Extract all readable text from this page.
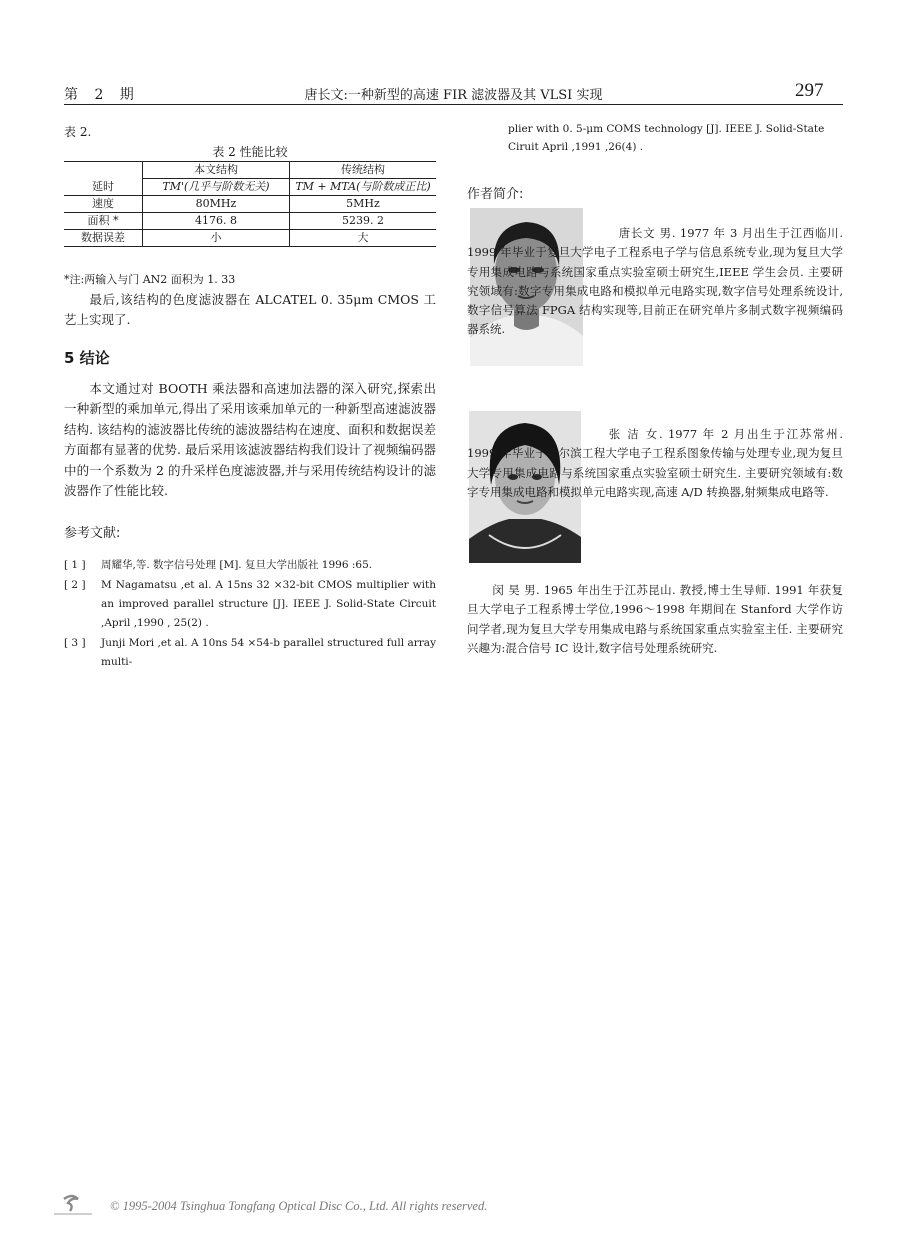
第 2 期	唐长文:一种新型的高速 FIR 滤波器及其 VLSI 实现	297
表 2.
表 2 性能比较
	本文结构	传统结构
延时	TM'(几乎与阶数无关)	TM + MTA(与阶数成正比)
速度	80MHz	5MHz
面积 *	4176. 8	5239. 2
数据误差	小	大
*注:两输入与门 AN2 面积为 1. 33
最后,该结构的色度滤波器在 ALCATEL 0. 35μm CMOS 工艺上实现了.
5 结论
本文通过对 BOOTH 乘法器和高速加法器的深入研究,探索出一种新型的乘加单元,得出了采用该乘加单元的一种新型高速滤波器结构. 该结构的滤波器比传统的滤波器结构在速度、面积和数据误差方面都有显著的优势. 最后采用该滤波器结构我们设计了视频编码器中的一个系数为 2 的升采样色度滤波器,并与采用传统结构设计的滤波器作了性能比较.
参考文献:
[ 1 ]	周耀华,等. 数字信号处理 [M]. 复旦大学出版社 1996 :65.
[ 2 ]	M Nagamatsu ,et al. A 15ns 32 ×32-bit CMOS multiplier with an improved parallel structure [J]. IEEE J. Solid-State Circuit ,April ,1990 , 25(2) .
[ 3 ]	Junji Mori ,et al. A 10ns 54 ×54-b parallel structured full array multi-
plier with 0. 5-μm COMS technology [J]. IEEE J. Solid-State Ciruit April ,1991 ,26(4) .
作者简介:
唐长文 男. 1977 年 3 月出生于江西临川. 1999 年毕业于复旦大学电子工程系电子学与信息系统专业,现为复旦大学专用集成电路与系统国家重点实验室硕士研究生,IEEE 学生会员. 主要研究领域有:数字专用集成电路和模拟单元电路实现,数字信号处理系统设计,数字信号算法 FPGA 结构实现等,目前正在研究单片多制式数字视频编码器系统.
张 洁 女. 1977 年 2 月出生于江苏常州. 1999 年毕业于哈尔滨工程大学电子工程系图象传输与处理专业,现为复旦大学专用集成电路与系统国家重点实验室硕士研究生. 主要研究领域有:数字专用集成电路和模拟单元电路实现,高速 A/D 转换器,射频集成电路等.
闵 昊 男. 1965 年出生于江苏昆山. 教授,博士生导师. 1991 年获复旦大学电子工程系博士学位,1996～1998 年期间在 Stanford 大学作访问学者,现为复旦大学专用集成电路与系统国家重点实验室主任. 主要研究兴趣为:混合信号 IC 设计,数字信号处理系统研究.
© 1995-2004 Tsinghua Tongfang Optical Disc Co., Ltd. All rights reserved.
